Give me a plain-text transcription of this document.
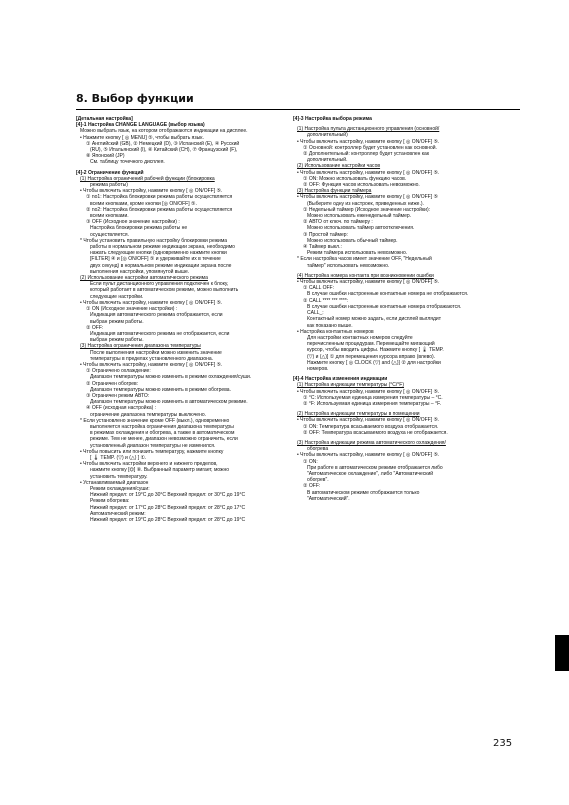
8. Выбор функции

[Детальная настройка]

[4]-1 Настройка CHANGE LANGUAGE (выбор языка)

Можно выбрать язык, на котором отображаются индикации на дисплее.

• Нажмите кнопку [ ◎ MENU] ⑤, чтобы выбрать язык.

① Английский (GB), ② Немецкий (D), ③ Испанский (E), ④ Русский

(RU), ⑤ Итальянский (I), ⑥ Китайский (CH), ⑦ Французский (F),

⑧ Японский (JP)

См. таблицу точечного дисплея.

[4]-2 Ограничение функций

(1) Настройка ограничений рабочей функции (блокировка

режима работы)

• Чтобы включить настройку, нажмите кнопку [ ◎ ON/OFF] ⑤.

① no1: Настройка блокировки режима работы осуществляется

всеми кнопками, кроме кнопки [◎ ON/OFF] ⑤.

② no2: Настройка блокировки режима работы осуществляется

всеми кнопками.

③ OFF (Исходное значение настройки) :

Настройка блокировки режима работы не

осуществляется.

* Чтобы установить правильную настройку блокировки режима

работы в нормальном режиме индикации экрана, необходимо

нажать следующие кнопки (одновременно нажмите кнопки

[FILTER] ④ и [◎ ON/OFF] ⑤ и удерживайте их в течение

двух секунд) в нормальном режиме индикации экрана после

выполнения настройки, упомянутой выше.

(2) Использование настройки автоматического режима

Если пульт дистанционного управления подключен к блоку,

который работает в автоматическом режиме, можно выполнить

следующие настройки.

• Чтобы включить настройку, нажмите кнопку [ ◎ ON/OFF] ⑤.

① ON (Исходное значение настройки) :

Индикация автоматического режима отображается, если

выбран режим работы.

② OFF:

Индикация автоматического режима не отображается, если

выбран режим работы.

(3) Настройка ограничения диапазона температуры

После выполнения настройки можно изменить значение

температуры в пределах установленного диапазона.

• Чтобы включить настройку, нажмите кнопку [ ◎ ON/OFF] ⑤.

① Ограничено охлаждение:

Диапазон температуры можно изменить в режиме охлаждения/суши.

② Ограничен обогрев:

Диапазон температуры можно изменить в режиме обогрева.

③ Ограничен режим АВТО:

Диапазон температуры можно изменить в автоматическом режиме.

④ OFF (исходная настройка) :

ограничение диапазона температуры выключено.

* Если установлено значение кроме OFF (выкл.), одновременно

выполняется настройка ограничения диапазона температуры

в режимах охлаждения и обогрева, а также в автоматическом

режиме. Тем не менее, диапазон невозможно ограничить, если

установленный диапазон температуры не изменился.

• Чтобы повысить или понизить температуру, нажмите кнопку

[ 🌡 TEMP. (▽) и (△) ] ①.

• Чтобы включить настройки верхнего и нижнего пределов,

нажмите кнопку [⏣] ⑧. Выбранный параметр мигает, можно

установить температуру.

• Устанавливаемый диапазон

Режим охлаждения/суши:

Нижний предел: от 19°C до 30°C Верхний предел: от 30°C до 19°C

Режим обогрева:

Нижний предел: от 17°C до 28°C Верхний предел: от 28°C до 17°C

Автоматический режим:

Нижний предел: от 19°C до 28°C Верхний предел: от 28°C до 19°C

[4]-3 Настройка выбора режима

(1) Настройка пульта дистанционного управления (основной/

дополнительный)

• Чтобы включить настройку, нажмите кнопку [ ◎ ON/OFF] ⑤.

① Основной: контроллер будет установлен как основной.

② Дополнительный: контроллер будет установлен как

дополнительный.

(2) Использование настройки часов

• Чтобы включить настройку, нажмите кнопку [ ◎ ON/OFF] ⑤.

① ON: Можно использовать функцию часов.

② OFF: Функция часов использовать невозможно.

(3) Настройка функции таймера

• Чтобы включить настройку, нажмите кнопку [ ◎ ON/OFF] ⑤

(Выберите одну из настроек, приведенных ниже.).

① Недельный таймер (Исходное значение настройки):

Можно использовать еженедельный таймер.

② АВТО от ключ. по таймеру :

Можно использовать таймер автоотключения.

③ Простой таймер:

Можно использовать обычный таймер.

④ Таймер выкл.:

Режим таймера использовать невозможно.

* Если настройка часов имеет значение OFF, "Недельный

таймер" использовать невозможно.

(4) Настройка номера контакта при возникновении ошибки

• Чтобы включить настройку, нажмите кнопку [ ◎ ON/OFF] ⑤.

① CALL OFF:

В случае ошибки настроенные контактные номера не отображаются.

② CALL **** *** ****:

В случае ошибки настроенные контактные номера отображаются.

CALL_:

Контактный номер можно задать, если дисплей выглядит

как показано выше.

• Настройка контактных номеров

Для настройки контактных номеров следуйте

перечисленным процедурам. Перемещайте мигающий

курсор, чтобы вводить цифры. Нажмите кнопку [ 🌡 TEMP.

(▽) и (△)] ① для перемещения курсора вправо (влево).

Нажмите кнопку [ ◎ CLOCK (▽) and (△)] ② для настройки

номеров.

[4]-4 Настройка изменения индикации

(1) Настройка индикации температуры (°C/°F)

• Чтобы включить настройку, нажмите кнопку [ ◎ ON/OFF] ⑤.

① °C: Используемая единица измерения температуры – °C.

② °F: Используемая единица измерения температуры – °F.

(2) Настройка индикации температуры в помещении

• Чтобы включить настройку, нажмите кнопку [ ◎ ON/OFF] ⑤.

① ON: Температура всасываемого воздуха отображается.

② OFF: Температура всасываемого воздуха не отображается.

(3) Настройка индикации режима автоматического охлаждения/

обогрева

• Чтобы включить настройку, нажмите кнопку [ ◎ ON/OFF] ⑤.

① ON:

При работе в автоматическом режиме отображается либо

"Автоматическое охлаждение", либо "Автоматический

обогрев".

② OFF:

В автоматическом режиме отображается только

"Автоматический".

235
